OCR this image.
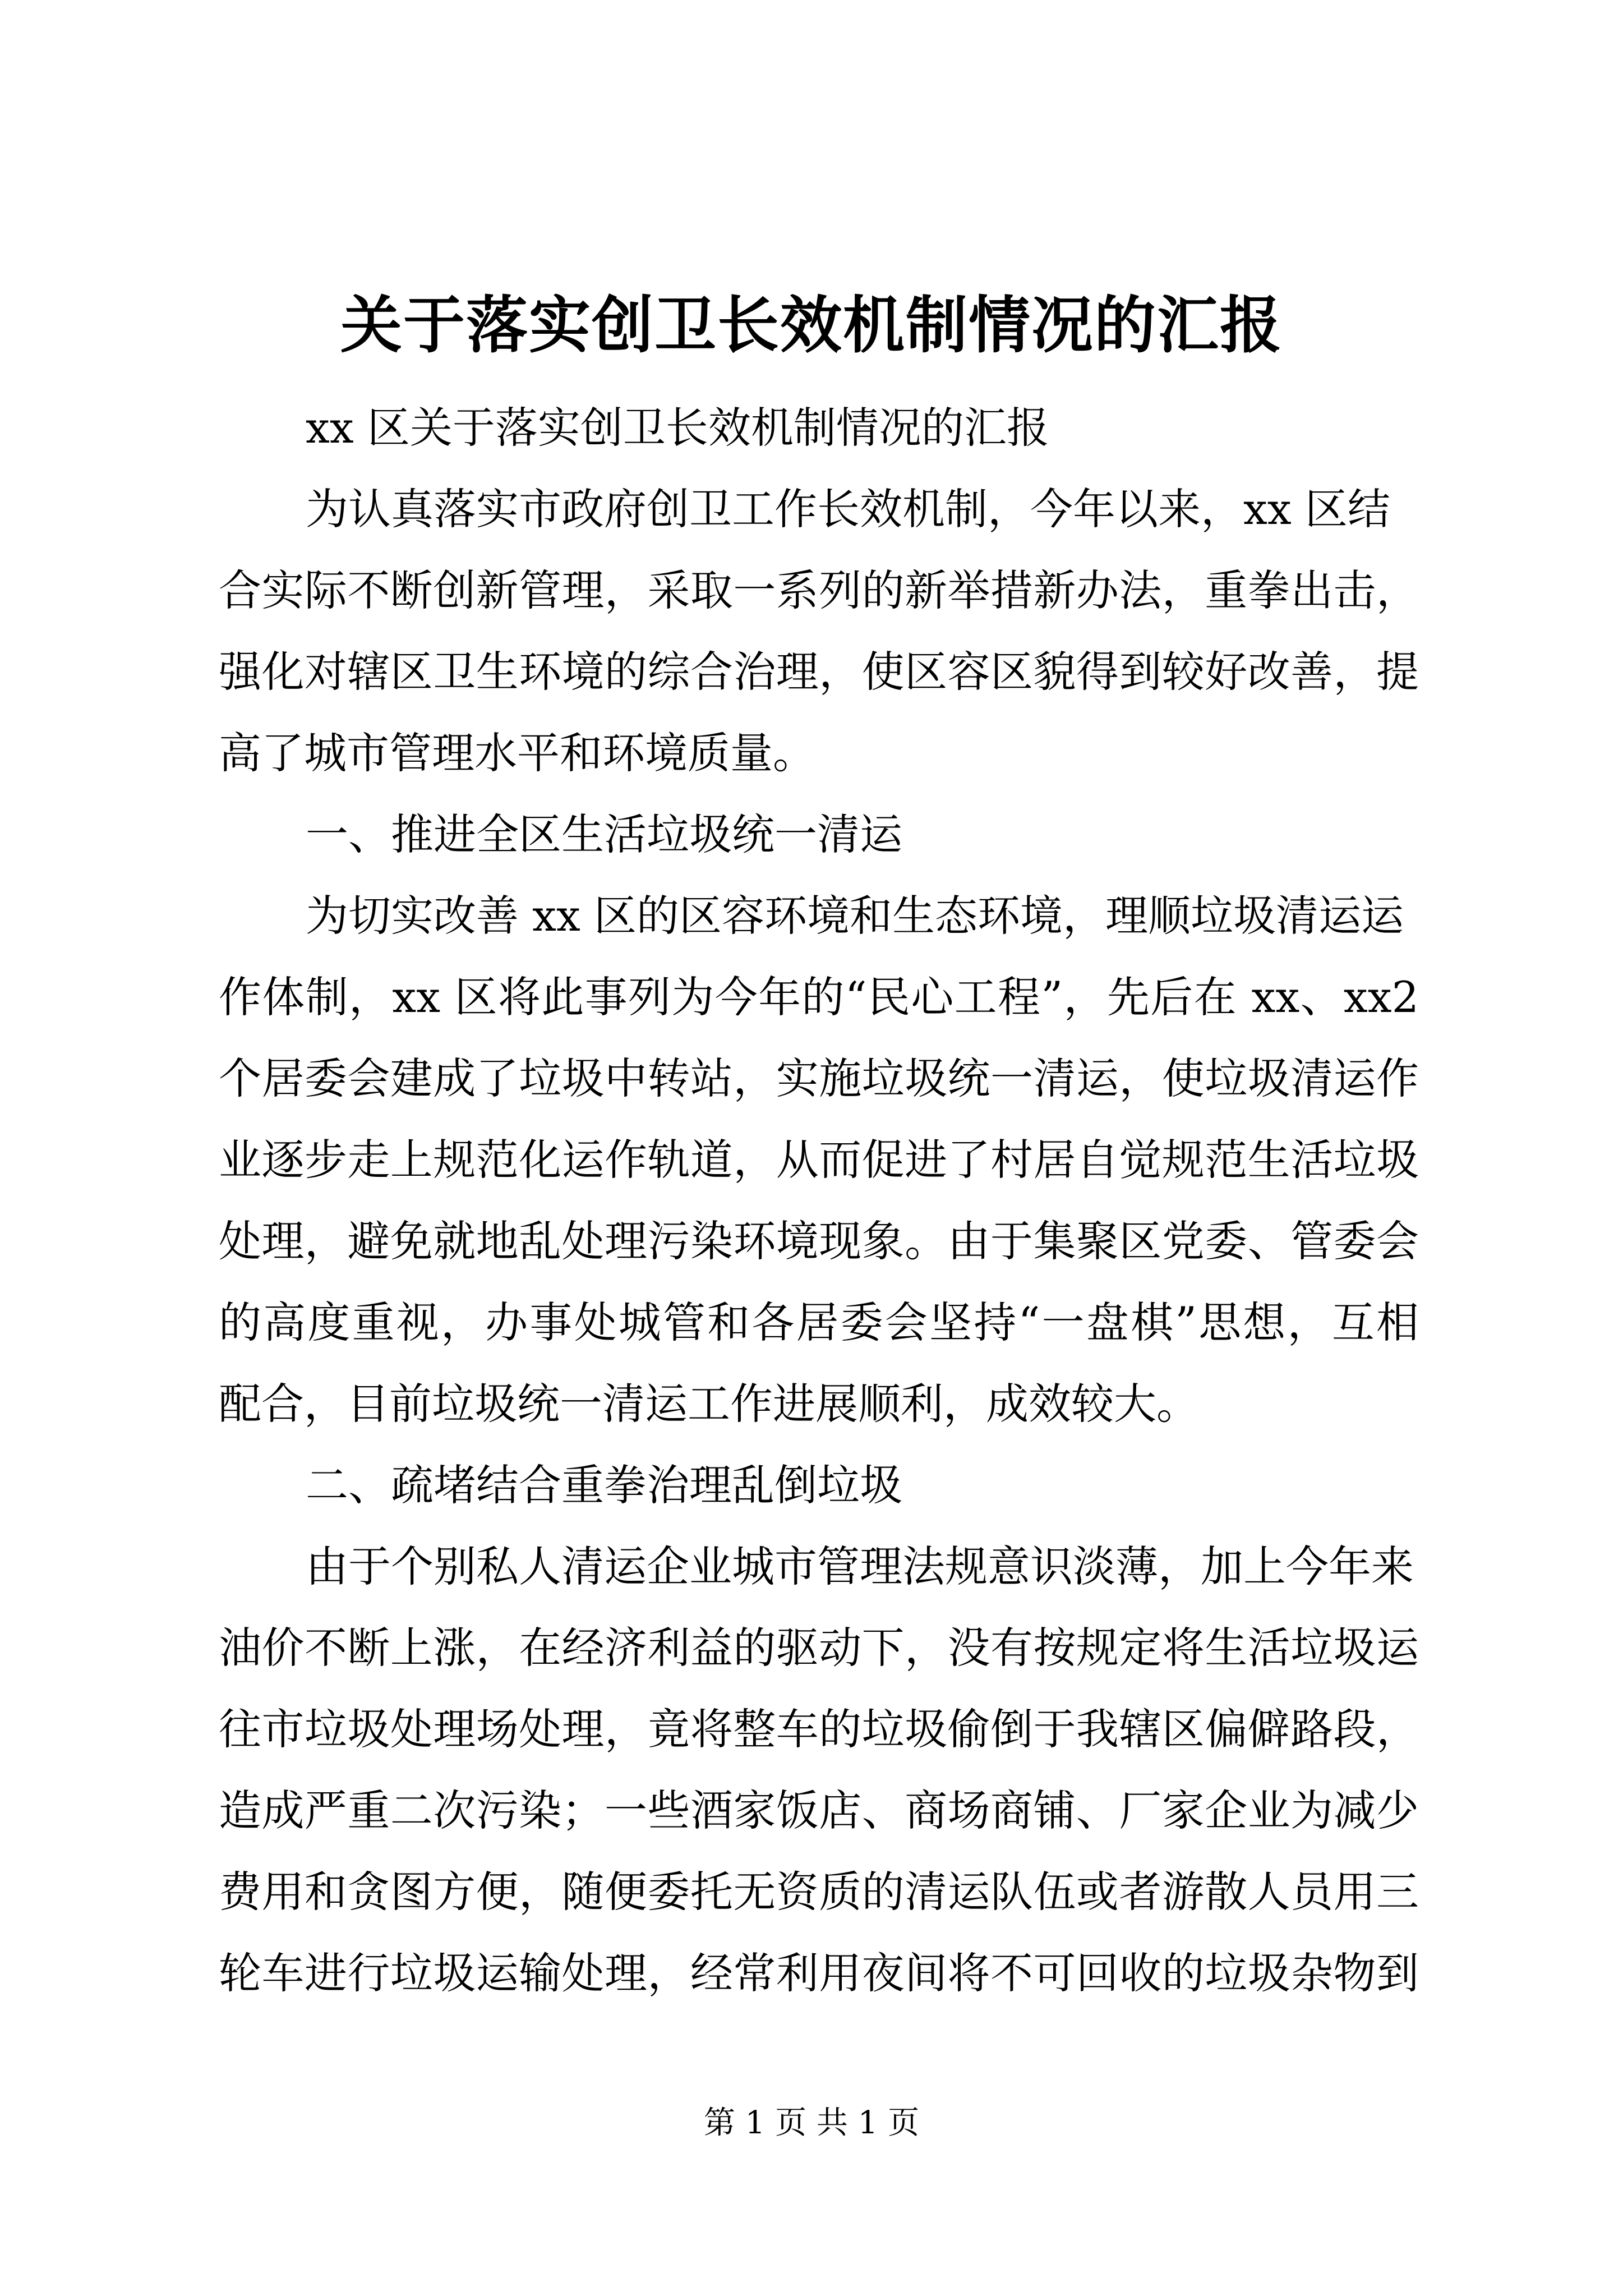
关于落实创卫长效机制情况的汇报
xx 区关于落实创卫长效机制情况的汇报
为认真落实市政府创卫工作长效机制，今年以来，xx 区结
合实际不断创新管理，采取一系列的新举措新办法，重拳出击，
强化对辖区卫生环境的综合治理，使区容区貌得到较好改善，提
高了城市管理水平和环境质量。
一、推进全区生活垃圾统一清运
为切实改善 xx 区的区容环境和生态环境，理顺垃圾清运运
作体制，xx 区将此事列为今年的“民心工程”，先后在 xx、xx2
个居委会建成了垃圾中转站，实施垃圾统一清运，使垃圾清运作
业逐步走上规范化运作轨道，从而促进了村居自觉规范生活垃圾
处理，避免就地乱处理污染环境现象。由于集聚区党委、管委会
的高度重视，办事处城管和各居委会坚持“一盘棋”思想，互相
配合，目前垃圾统一清运工作进展顺利，成效较大。
二、疏堵结合重拳治理乱倒垃圾
由于个别私人清运企业城市管理法规意识淡薄，加上今年来
油价不断上涨，在经济利益的驱动下，没有按规定将生活垃圾运
往市垃圾处理场处理，竟将整车的垃圾偷倒于我辖区偏僻路段，
造成严重二次污染；一些酒家饭店、商场商铺、厂家企业为减少
费用和贪图方便，随便委托无资质的清运队伍或者游散人员用三
轮车进行垃圾运输处理，经常利用夜间将不可回收的垃圾杂物到
第 1 页 共 1 页
